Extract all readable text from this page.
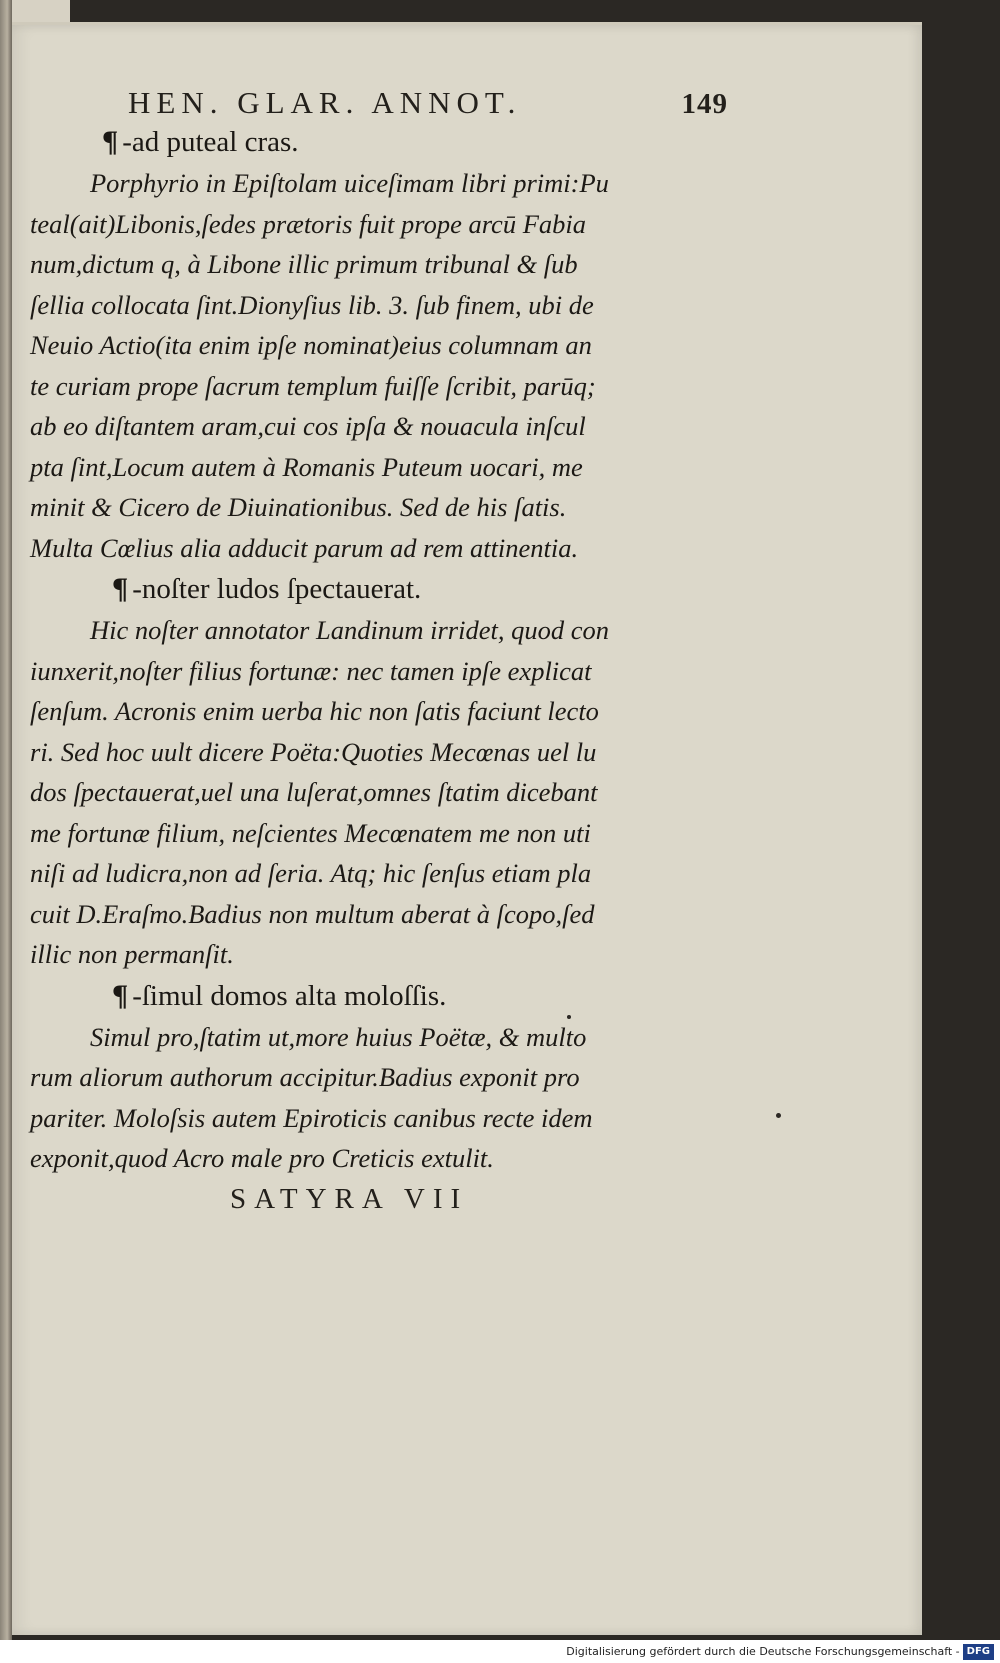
HEN. GLAR. ANNOT.	149

¶ -ad puteal cras.

Porphyrio in Epiſtolam uiceſimam libri primi:Pu
teal(ait)Libonis,ſedes prætoris fuit prope arcū Fabia
num,dictum q, à Libone illic primum tribunal & ſub
ſellia collocata ſint.Dionyſius lib. 3. ſub finem, ubi de
Neuio Actio(ita enim ipſe nominat)eius columnam an
te curiam prope ſacrum templum fuiſſe ſcribit, parūq;
ab eo diſtantem aram,cui cos ipſa & nouacula inſcul
pta ſint,Locum autem à Romanis Puteum uocari, me
minit & Cicero de Diuinationibus. Sed de his ſatis.
Multa Cœlius alia adducit parum ad rem attinentia.

¶ -noſter ludos ſpectauerat.

Hic noſter annotator Landinum irridet, quod con
iunxerit,noſter filius fortunæ: nec tamen ipſe explicat
ſenſum. Acronis enim uerba hic non ſatis faciunt lecto
ri. Sed hoc uult dicere Poëta:Quoties Mecœnas uel lu
dos ſpectauerat,uel una luſerat,omnes ſtatim dicebant
me fortunæ filium, neſcientes Mecœnatem me non uti
niſi ad ludicra,non ad ſeria. Atq; hic ſenſus etiam pla
cuit D.Eraſmo.Badius non multum aberat à ſcopo,ſed
illic non permanſit.

¶ -ſimul domos alta moloſſis.

Simul pro,ſtatim ut,more huius Poëtæ, & multo
rum aliorum authorum accipitur.Badius exponit pro
pariter. Moloſsis autem Epiroticis canibus recte idem
exponit,quod Acro male pro Creticis extulit.
SATYRA VII
Digitalisierung gefördert durch die Deutsche Forschungsgemeinschaft - DFG
